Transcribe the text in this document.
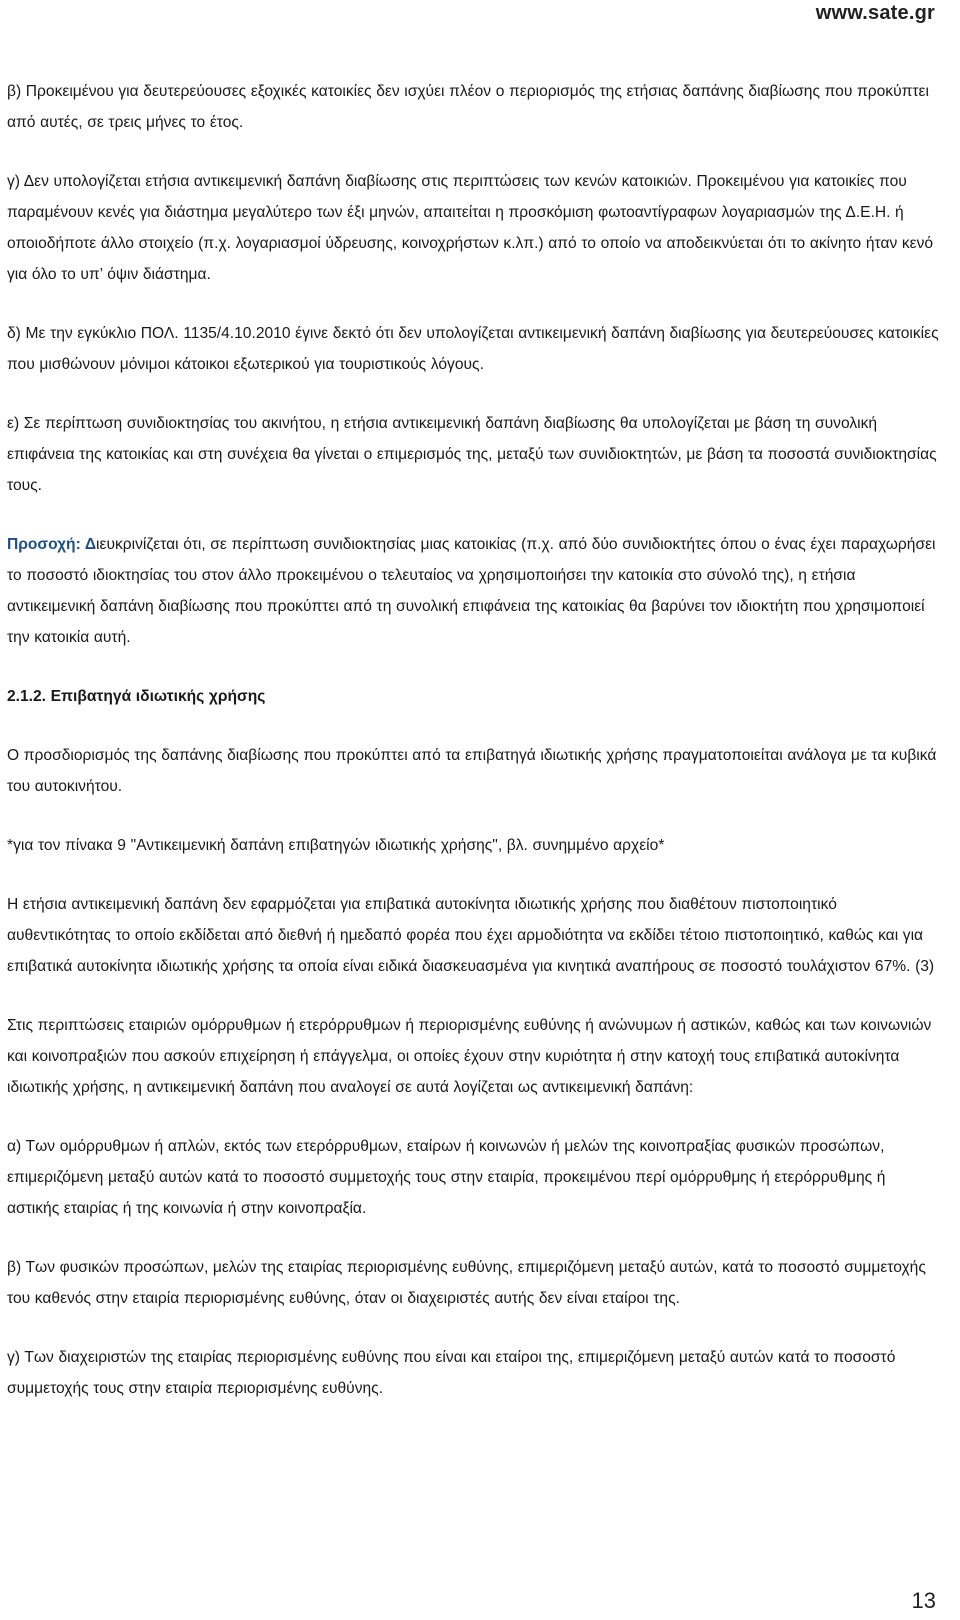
www.sate.gr

β) Προκειμένου για δευτερεύουσες εξοχικές κατοικίες δεν ισχύει πλέον ο περιορισμός της ετήσιας δαπάνης διαβίωσης που προκύπτει από αυτές, σε τρεις μήνες το έτος.

γ) Δεν υπολογίζεται ετήσια αντικειμενική δαπάνη διαβίωσης στις περιπτώσεις των κενών κατοικιών. Προκειμένου για κατοικίες που παραμένουν κενές για διάστημα μεγαλύτερο των έξι μηνών, απαιτείται η προσκόμιση φωτοαντίγραφων λογαριασμών της Δ.Ε.Η. ή οποιοδήποτε άλλο στοιχείο (π.χ. λογαριασμοί ύδρευσης, κοινοχρήστων κ.λπ.) από το οποίο να αποδεικνύεται ότι το ακίνητο ήταν κενό για όλο το υπ’ όψιν διάστημα.

δ) Με την εγκύκλιο ΠΟΛ. 1135/4.10.2010 έγινε δεκτό ότι δεν υπολογίζεται αντικειμενική δαπάνη διαβίωσης για δευτερεύουσες κατοικίες που μισθώνουν μόνιμοι κάτοικοι εξωτερικού για τουριστικούς λόγους.

ε) Σε περίπτωση συνιδιοκτησίας του ακινήτου, η ετήσια αντικειμενική δαπάνη διαβίωσης θα υπολογίζεται με βάση τη συνολική επιφάνεια της κατοικίας και στη συνέχεια θα γίνεται ο επιμερισμός της, μεταξύ των συνιδιοκτητών, με βάση τα ποσοστά συνιδιοκτησίας τους.

Προσοχή: Διευκρινίζεται ότι, σε περίπτωση συνιδιοκτησίας μιας κατοικίας (π.χ. από δύο συνιδιοκτήτες όπου ο ένας έχει παραχωρήσει το ποσοστό ιδιοκτησίας του στον άλλο προκειμένου ο τελευταίος να χρησιμοποιήσει την κατοικία στο σύνολό της), η ετήσια αντικειμενική δαπάνη διαβίωσης που προκύπτει από τη συνολική επιφάνεια της κατοικίας θα βαρύνει τον ιδιοκτήτη που χρησιμοποιεί την κατοικία αυτή.

2.1.2. Επιβατηγά ιδιωτικής χρήσης

Ο προσδιορισμός της δαπάνης διαβίωσης που προκύπτει από τα επιβατηγά ιδιωτικής χρήσης πραγματοποιείται ανάλογα με τα κυβικά του αυτοκινήτου.

*για τον πίνακα 9 "Αντικειμενική δαπάνη επιβατηγών ιδιωτικής χρήσης", βλ. συνημμένο αρχείο*

Η ετήσια αντικειμενική δαπάνη δεν εφαρμόζεται για επιβατικά αυτοκίνητα ιδιωτικής χρήσης που διαθέτουν πιστοποιητικό αυθεντικότητας το οποίο εκδίδεται από διεθνή ή ημεδαπό φορέα που έχει αρμοδιότητα να εκδίδει τέτοιο πιστοποιητικό, καθώς και για επιβατικά αυτοκίνητα ιδιωτικής χρήσης τα οποία είναι ειδικά διασκευασμένα για κινητικά αναπήρους σε ποσοστό τουλάχιστον 67%. (3)

Στις περιπτώσεις εταιριών ομόρρυθμων ή ετερόρρυθμων ή περιορισμένης ευθύνης ή ανώνυμων ή αστικών, καθώς και των κοινωνιών και κοινοπραξιών που ασκούν επιχείρηση ή επάγγελμα, οι οποίες έχουν στην κυριότητα ή στην κατοχή τους επιβατικά αυτοκίνητα ιδιωτικής χρήσης, η αντικειμενική δαπάνη που αναλογεί σε αυτά λογίζεται ως αντικειμενική δαπάνη:

α) Των ομόρρυθμων ή απλών, εκτός των ετερόρρυθμων, εταίρων ή κοινωνών ή μελών της κοινοπραξίας φυσικών προσώπων, επιμεριζόμενη μεταξύ αυτών κατά το ποσοστό συμμετοχής τους στην εταιρία, προκειμένου περί ομόρρυθμης ή ετερόρρυθμης ή αστικής εταιρίας ή της κοινωνία ή στην κοινοπραξία.

β) Των φυσικών προσώπων, μελών της εταιρίας περιορισμένης ευθύνης, επιμεριζόμενη μεταξύ αυτών, κατά το ποσοστό συμμετοχής του καθενός στην εταιρία περιορισμένης ευθύνης, όταν οι διαχειριστές αυτής δεν είναι εταίροι της.

γ) Των διαχειριστών της εταιρίας περιορισμένης ευθύνης που είναι και εταίροι της, επιμεριζόμενη μεταξύ αυτών κατά το ποσοστό συμμετοχής τους στην εταιρία περιορισμένης ευθύνης.

13
